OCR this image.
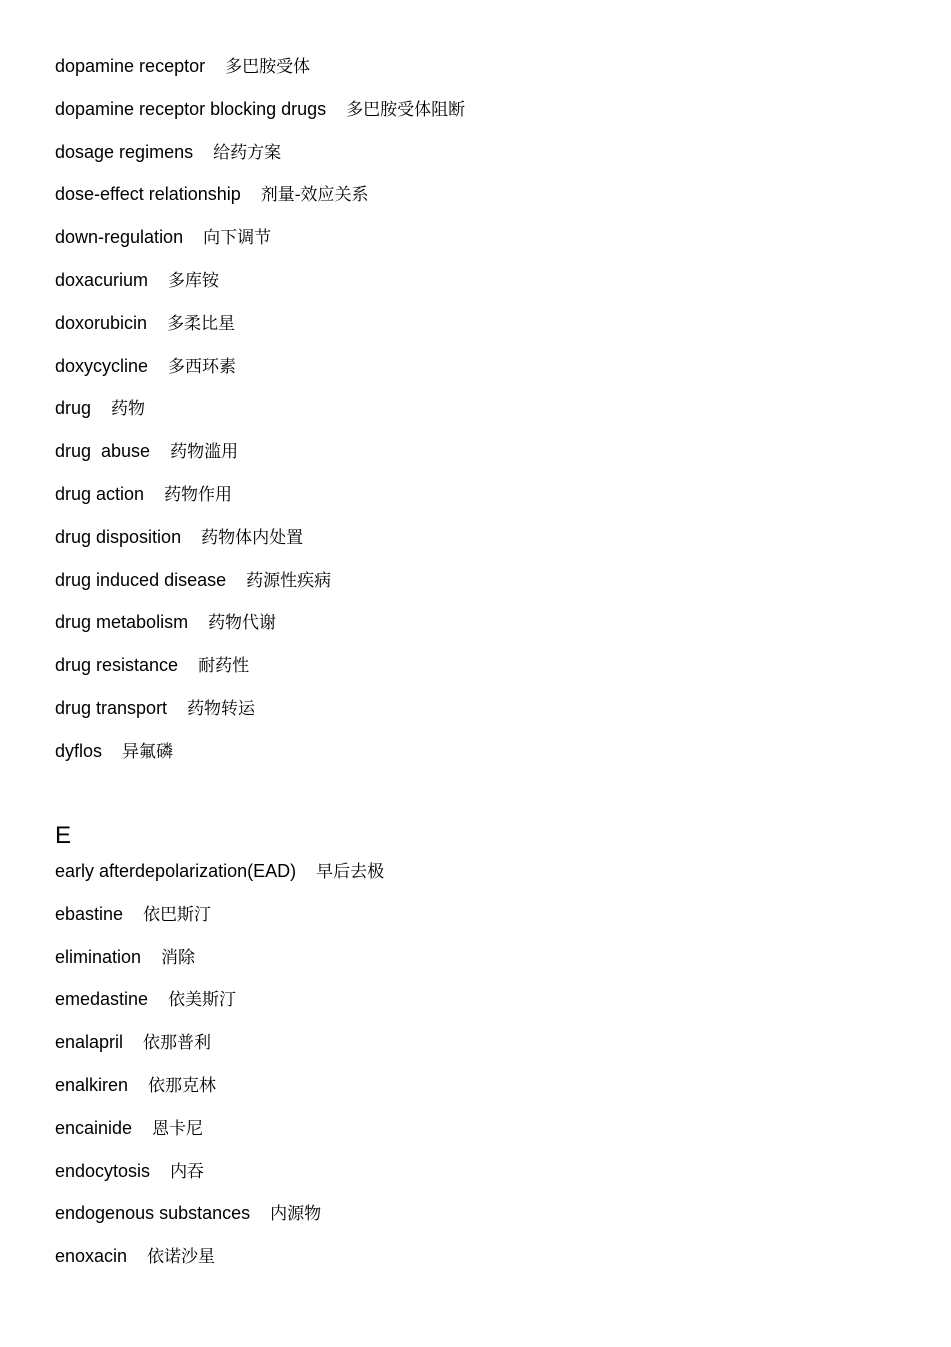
dopamine receptor 多巴胺受体
dopamine receptor blocking drugs 多巴胺受体阻断
dosage regimens 给药方案
dose-effect relationship 剂量-效应关系
down-regulation 向下调节
doxacurium 多库铵
doxorubicin 多柔比星
doxycycline 多西环素
drug 药物
drug  abuse 药物滥用
drug action 药物作用
drug disposition 药物体内处置
drug induced disease 药源性疾病
drug metabolism 药物代谢
drug resistance 耐药性
drug transport 药物转运
dyflos 异氟磷
E
early afterdepolarization(EAD) 早后去极
ebastine 依巴斯汀
elimination 消除
emedastine 依美斯汀
enalapril 依那普利
enalkiren 依那克林
encainide 恩卡尼
endocytosis 内吞
endogenous substances 内源物
enoxacin 依诺沙星
